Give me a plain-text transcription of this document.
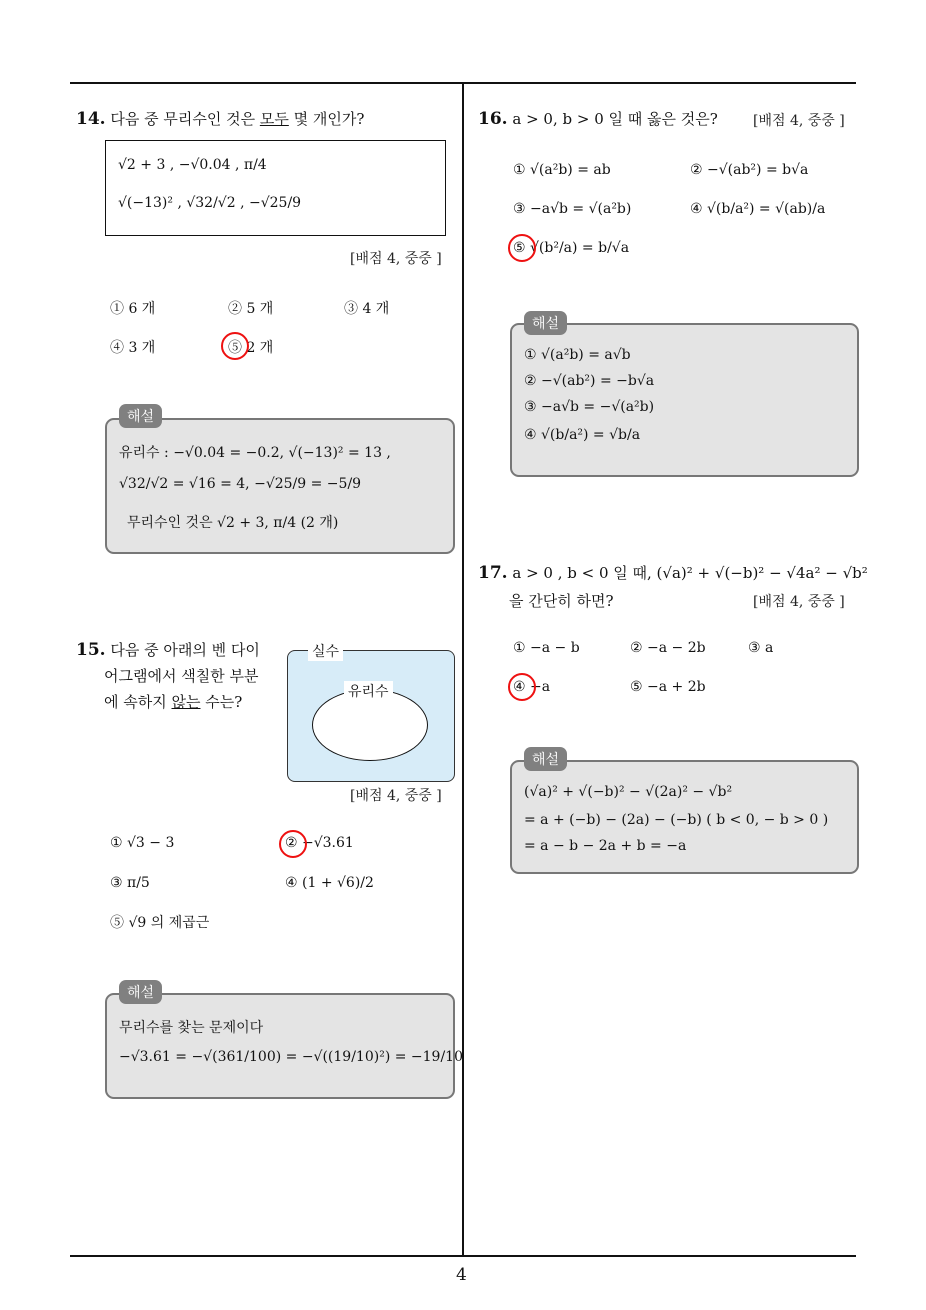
4
14. 다음 중 무리수인 것은 모두 몇 개인가?
√2 + 3 , −√0.04 , π/4
√(−13)² , √32/√2 , −√25/9
[배점 4, 중중 ]
① 6 개	② 5 개	③ 4 개
④ 3 개	⑤ 2 개
유리수 : −√0.04 = −0.2, √(−13)² = 13 ,
√32/√2 = √16 = 4, −√25/9 = −5/9
무리수인 것은 √2 + 3, π/4 (2 개)
해설
15. 다음 중 아래의 벤 다이
어그램에서 색칠한 부분
에 속하지 않는 수는?
유리수
실수
[배점 4, 중중 ]
① √3 − 3	② −√3.61
③ π/5	④ (1 + √6)/2
⑤ √9 의 제곱근
무리수를 찾는 문제이다
−√3.61 = −√(361/100) = −√((19/10)²) = −19/10
해설
16. a > 0, b > 0 일 때 옳은 것은?	[배점 4, 중중 ]
① √(a²b) = ab	② −√(ab²) = b√a
③ −a√b = √(a²b)	④ √(b/a²) = √(ab)/a
⑤ √(b²/a) = b/√a
① √(a²b) = a√b
② −√(ab²) = −b√a
③ −a√b = −√(a²b)
④ √(b/a²) = √b/a
해설
17. a > 0 , b < 0 일 때, (√a)² + √(−b)² − √4a² − √b²
을 간단히 하면?	[배점 4, 중중 ]
① −a − b	② −a − 2b	③ a
④ −a	⑤ −a + 2b
(√a)² + √(−b)² − √(2a)² − √b²
= a + (−b) − (2a) − (−b) ( b < 0, − b > 0 )
= a − b − 2a + b = −a
해설
